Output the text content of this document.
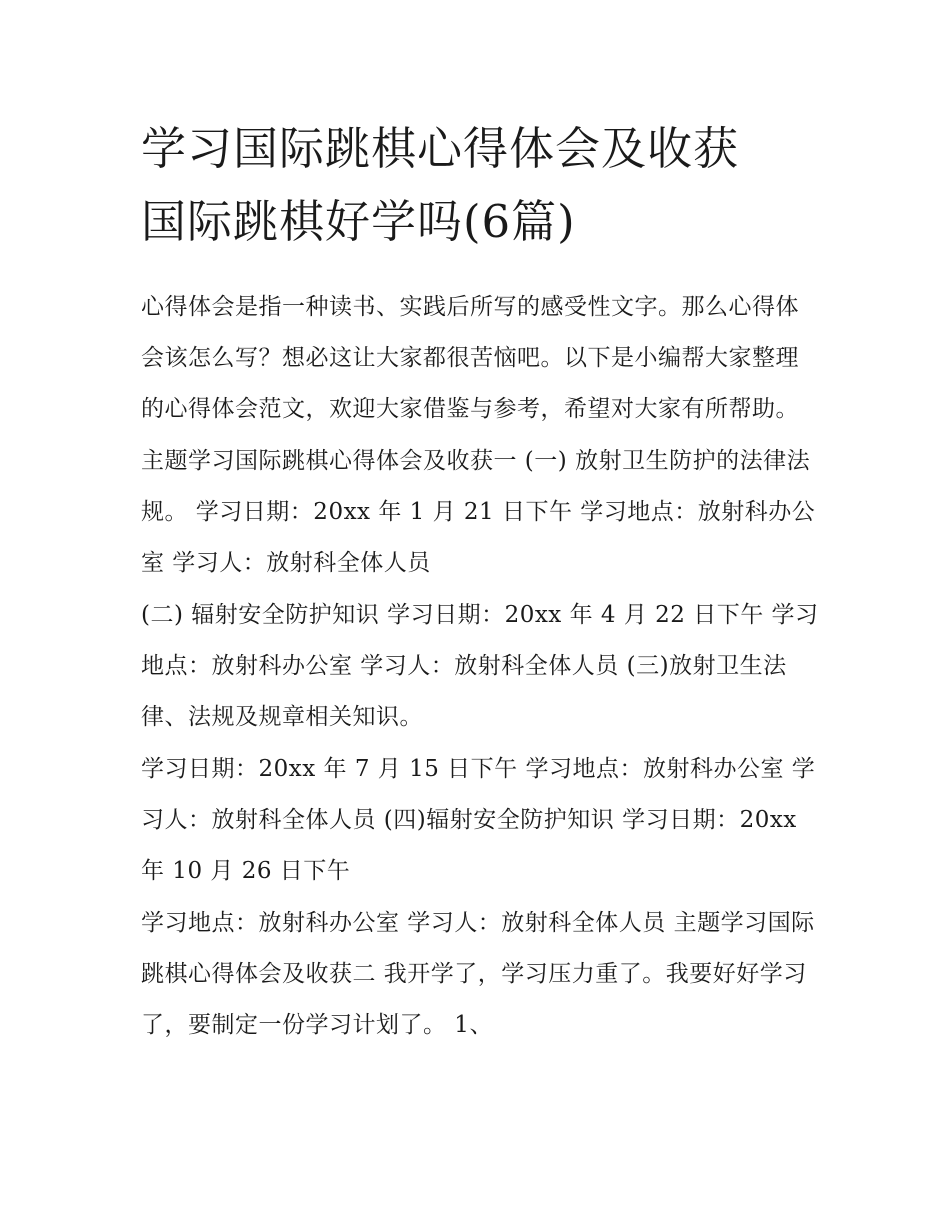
学习国际跳棋心得体会及收获
国际跳棋好学吗(6篇)

心得体会是指一种读书、实践后所写的感受性文字。那么心得体会该怎么写？想必这让大家都很苦恼吧。以下是小编帮大家整理的心得体会范文，欢迎大家借鉴与参考，希望对大家有所帮助。

主题学习国际跳棋心得体会及收获一 (一) 放射卫生防护的法律法规。 学习日期：20xx 年 1 月 21 日下午 学习地点：放射科办公室 学习人：放射科全体人员

(二) 辐射安全防护知识 学习日期：20xx 年 4 月 22 日下午 学习地点：放射科办公室 学习人：放射科全体人员 (三)放射卫生法律、法规及规章相关知识。

学习日期：20xx 年 7 月 15 日下午 学习地点：放射科办公室 学习人：放射科全体人员 (四)辐射安全防护知识 学习日期：20xx 年 10 月 26 日下午

学习地点：放射科办公室 学习人：放射科全体人员 主题学习国际跳棋心得体会及收获二 我开学了，学习压力重了。我要好好学习了，要制定一份学习计划了。 1、
